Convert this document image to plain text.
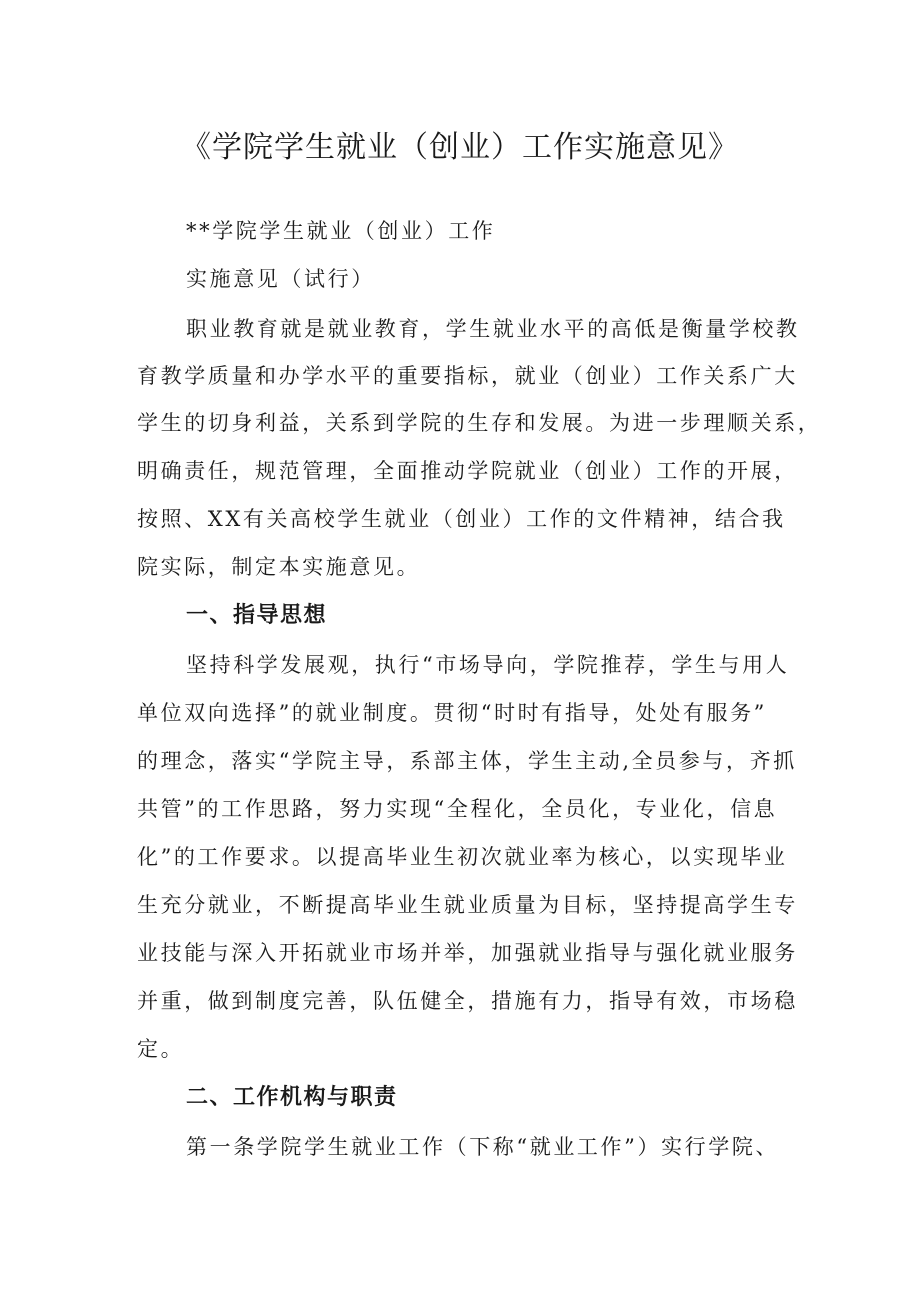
《学院学生就业（创业）工作实施意见》
**学院学生就业（创业）工作
实施意见（试行）
职业教育就是就业教育，学生就业水平的高低是衡量学校教
育教学质量和办学水平的重要指标，就业（创业）工作关系广大
学生的切身利益，关系到学院的生存和发展。为进一步理顺关系，
明确责任，规范管理，全面推动学院就业（创业）工作的开展，
按照、XX有关高校学生就业（创业）工作的文件精神，结合我
院实际，制定本实施意见。
一、指导思想
坚持科学发展观，执行“市场导向，学院推荐，学生与用人
单位双向选择”的就业制度。贯彻“时时有指导，处处有服务”
的理念，落实“学院主导，系部主体，学生主动,全员参与，齐抓
共管”的工作思路，努力实现“全程化，全员化，专业化，信息
化”的工作要求。以提高毕业生初次就业率为核心，以实现毕业
生充分就业，不断提高毕业生就业质量为目标，坚持提高学生专
业技能与深入开拓就业市场并举，加强就业指导与强化就业服务
并重，做到制度完善，队伍健全，措施有力，指导有效，市场稳
定。
二、工作机构与职责
第一条学院学生就业工作（下称“就业工作”）实行学院、
